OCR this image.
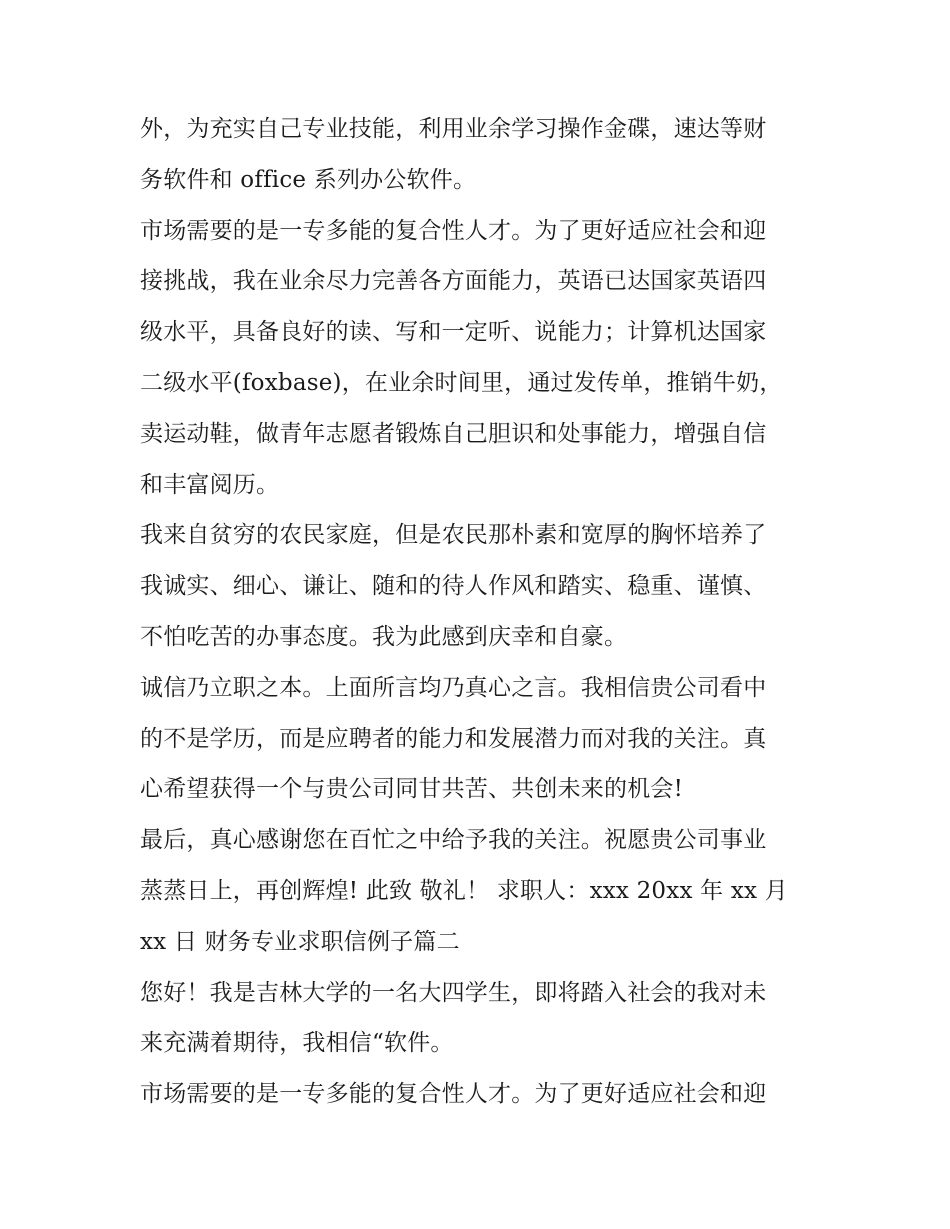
外，为充实自己专业技能，利用业余学习操作金碟，速达等财
务软件和 office 系列办公软件。
市场需要的是一专多能的复合性人才。为了更好适应社会和迎
接挑战，我在业余尽力完善各方面能力，英语已达国家英语四
级水平，具备良好的读、写和一定听、说能力；计算机达国家
二级水平(foxbase)，在业余时间里，通过发传单，推销牛奶，
卖运动鞋，做青年志愿者锻炼自己胆识和处事能力，增强自信
和丰富阅历。
我来自贫穷的农民家庭，但是农民那朴素和宽厚的胸怀培养了
我诚实、细心、谦让、随和的待人作风和踏实、稳重、谨慎、
不怕吃苦的办事态度。我为此感到庆幸和自豪。
诚信乃立职之本。上面所言均乃真心之言。我相信贵公司看中
的不是学历，而是应聘者的能力和发展潜力而对我的关注。真
心希望获得一个与贵公司同甘共苦、共创未来的机会!
最后，真心感谢您在百忙之中给予我的关注。祝愿贵公司事业
蒸蒸日上，再创辉煌! 此致 敬礼！ 求职人：xxx 20xx 年 xx 月
xx 日 财务专业求职信例子篇二
您好！我是吉林大学的一名大四学生，即将踏入社会的我对未
来充满着期待，我相信“软件。
市场需要的是一专多能的复合性人才。为了更好适应社会和迎
